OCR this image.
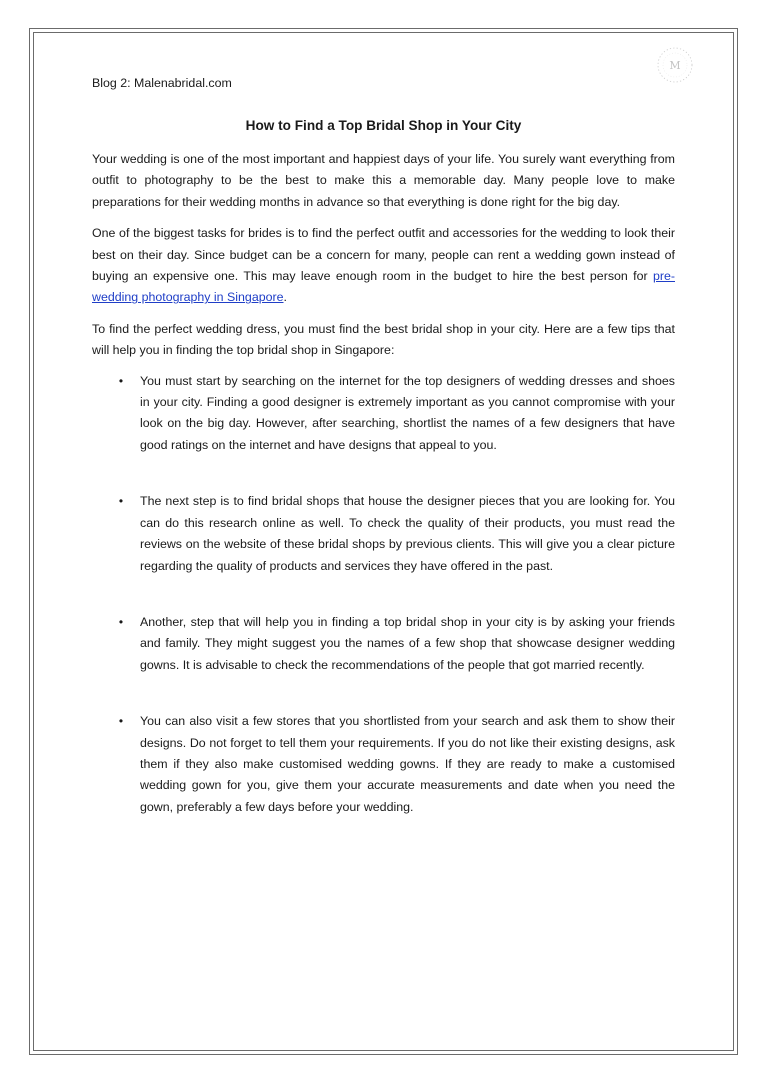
M

Blog 2: Malenabridal.com

How to Find a Top Bridal Shop in Your City

Your wedding is one of the most important and happiest days of your life. You surely want everything from outfit to photography to be the best to make this a memorable day. Many people love to make preparations for their wedding months in advance so that everything is done right for the big day.

One of the biggest tasks for brides is to find the perfect outfit and accessories for the wedding to look their best on their day. Since budget can be a concern for many, people can rent a wedding gown instead of buying an expensive one. This may leave enough room in the budget to hire the best person for pre-wedding photography in Singapore.

To find the perfect wedding dress, you must find the best bridal shop in your city. Here are a few tips that will help you in finding the top bridal shop in Singapore:

• You must start by searching on the internet for the top designers of wedding dresses and shoes in your city. Finding a good designer is extremely important as you cannot compromise with your look on the big day. However, after searching, shortlist the names of a few designers that have good ratings on the internet and have designs that appeal to you.
• The next step is to find bridal shops that house the designer pieces that you are looking for. You can do this research online as well. To check the quality of their products, you must read the reviews on the website of these bridal shops by previous clients. This will give you a clear picture regarding the quality of products and services they have offered in the past.
• Another, step that will help you in finding a top bridal shop in your city is by asking your friends and family. They might suggest you the names of a few shop that showcase designer wedding gowns. It is advisable to check the recommendations of the people that got married recently.
• You can also visit a few stores that you shortlisted from your search and ask them to show their designs. Do not forget to tell them your requirements. If you do not like their existing designs, ask them if they also make customised wedding gowns. If they are ready to make a customised wedding gown for you, give them your accurate measurements and date when you need the gown, preferably a few days before your wedding.
